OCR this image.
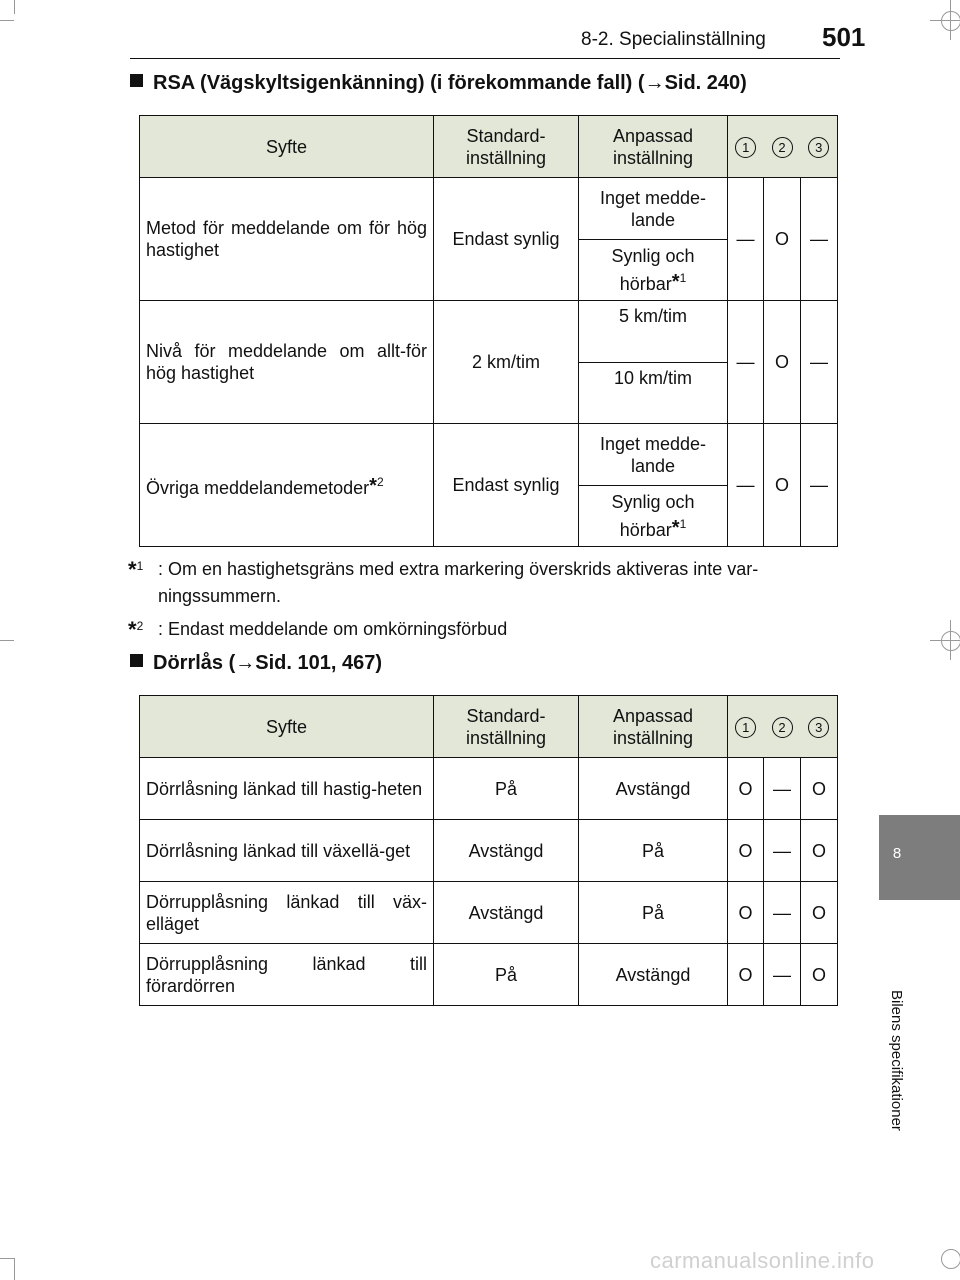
8-2. Specialinställning 501
8
Bilens specifikationer
RSA (Vägskyltsigenkänning) (i förekommande fall) (→Sid. 240)
Syfte	Standard-inställning	Anpassad inställning	1	2	3
Metod för meddelande om för hög hastighet	Endast synlig	Inget medde-lande	—	O	—
		Synlig och hörbar$^{*1}$
Nivå för meddelande om allt-för hög hastighet	2 km/tim	5 km/tim	—	O	—
		10 km/tim			
Övriga meddelandemetoder$^{*2}$	Endast synlig	Inget medde-lande	—	O	—
		Synlig och hörbar$^{*1}$
*$^1$ : Om en hastighetsgräns med extra markering överskrids aktiveras inte var-
ningssummern.
*$^2$ : Endast meddelande om omkörningsförbud
Dörrlås (→Sid. 101, 467)
Syfte	Standard-inställning	Anpassad inställning	1	2	3
Dörrlåsning länkad till hastig-heten	På	Avstängd	O	—	O
Dörrlåsning länkad till växellä-get	Avstängd	På	O	—	O
Dörrupplåsning länkad till väx-elläget	Avstängd	På	O	—	O
Dörrupplåsning länkad till förardörren	På	Avstängd	O	—	O
carmanualsonline.info
